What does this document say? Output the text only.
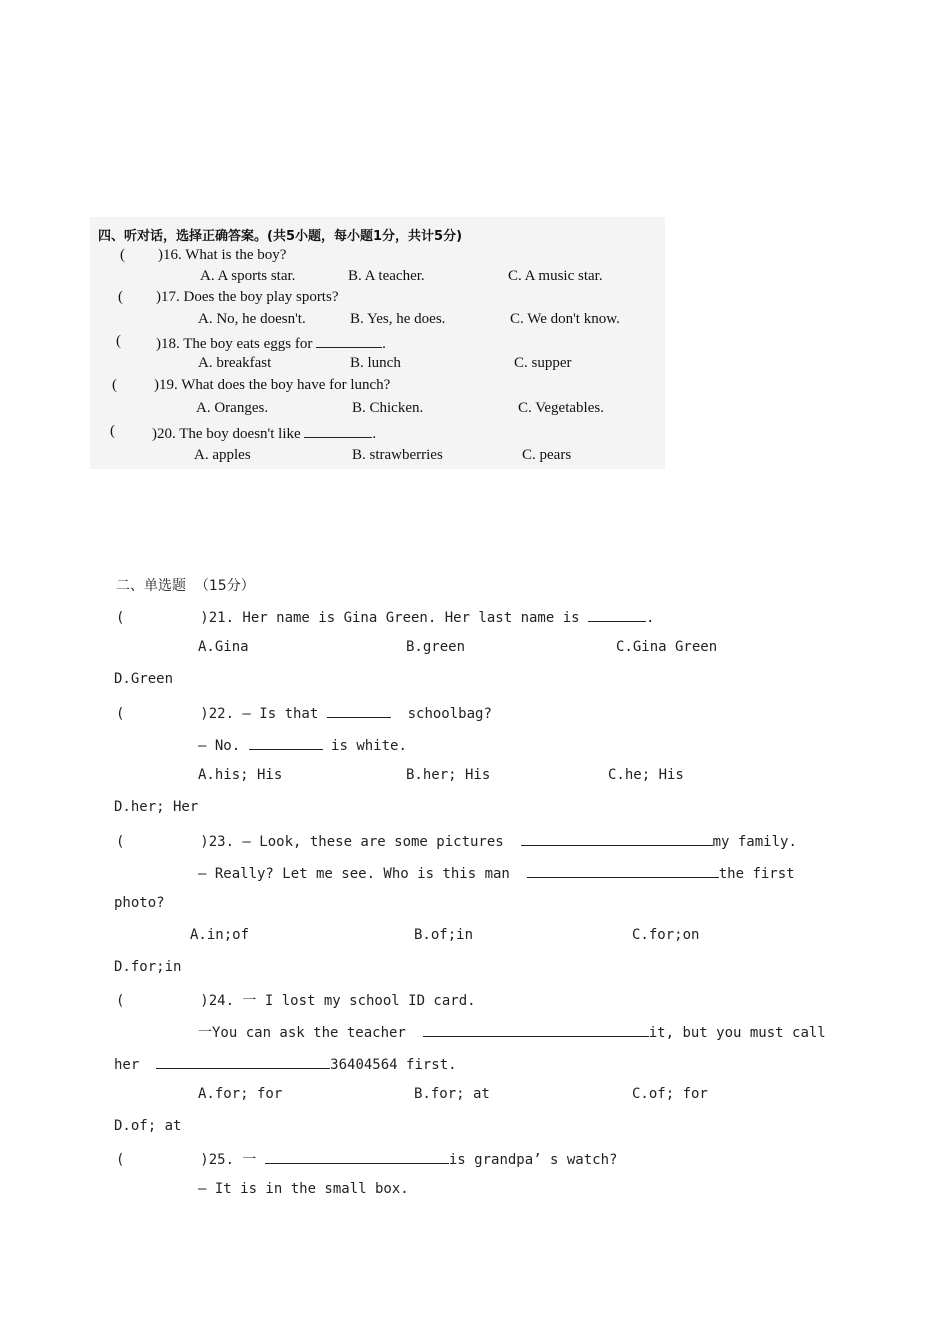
四、听对话，选择正确答案。(共5小题，每小题1分，共计5分)
( )16. What is the boy?
A. A sports star.	B. A teacher.	C. A music star.
( )17. Does the boy play sports?
A. No, he doesn't.	B. Yes, he does.	C. We don't know.
( )18. The boy eats eggs for	.
A. breakfast	B. lunch	C. supper
( )19. What does the boy have for lunch?
A. Oranges.	B. Chicken.	C. Vegetables.
( )20. The boy doesn't like	.
A. apples	B. strawberries	C. pears
二、单选题  （15分）
(         )21. Her name is Gina Green. Her last name is	.
A.Gina	B.green	C.Gina Green
D.Green
(         )22. — Is that	schoolbag?
— No.	is white.
A.his; His	B.her; His	C.he; His
D.her; Her
(         )23. — Look, these are some pictures	my family.
— Really? Let me see. Who is this man	the first
photo?
A.in;of	B.of;in	C.for;on
D.for;in
(         )24. 一 I lost my school ID card.
一You can ask the teacher	it, but you must call
her	36404564 first.
A.for; for	B.for; at	C.of; for
D.of; at
(         )25. 一	is grandpa’ s watch?
— It is in the small box.
